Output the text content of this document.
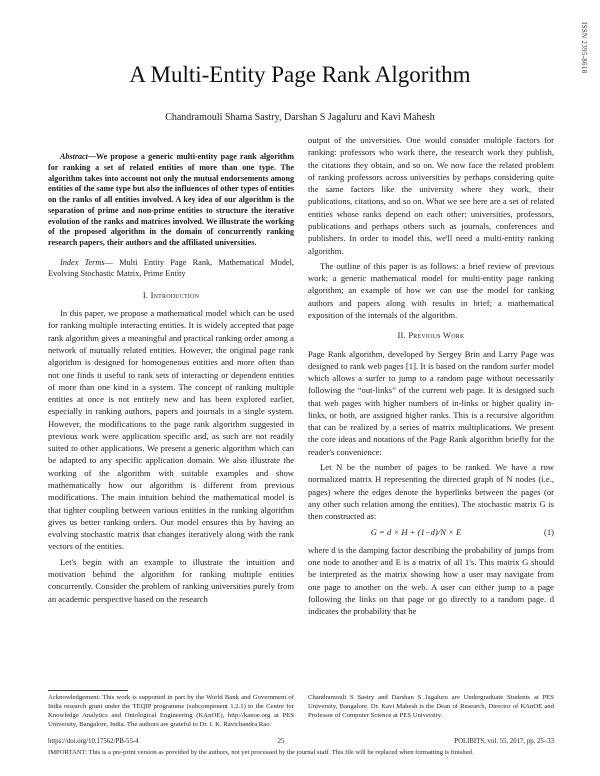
ISSN 2395-8618
A Multi-Entity Page Rank Algorithm
Chandramouli Shama Sastry, Darshan S Jagaluru and Kavi Mahesh
Abstract—We propose a generic multi-entity page rank algorithm for ranking a set of related entities of more than one type. The algorithm takes into account not only the mutual endorsements among entities of the same type but also the influences of other types of entities on the ranks of all entities involved. A key idea of our algorithm is the separation of prime and non-prime entities to structure the iterative evolution of the ranks and matrices involved. We illustrate the working of the proposed algorithm in the domain of concurrently ranking research papers, their authors and the affiliated universities.
Index Terms— Multi Entity Page Rank, Mathematical Model, Evolving Stochastic Matrix, Prime Entity
I. Introduction

In this paper, we propose a mathematical model which can be used for ranking multiple interacting entities. It is widely accepted that page rank algorithm gives a meaningful and practical ranking order among a network of mutually related entities. However, the original page rank algorithm is designed for homogeneous entities and more often than not one finds it useful to rank sets of interacting or dependent entities of more than one kind in a system. The concept of ranking multiple entities at once is not entirely new and has been explored earlier, especially in ranking authors, papers and journals in a single system. However, the modifications to the page rank algorithm suggested in previous work were application specific and, as such are not readily suited to other applications. We present a generic algorithm which can be adapted to any specific application domain. We also illustrate the working of the algorithm with suitable examples and show mathematically how our algorithm is different from previous modifications. The main intuition behind the mathematical model is that tighter coupling between various entities in the ranking algorithm gives us better ranking orders. Our model ensures this by having an evolving stochastic matrix that changes iteratively along with the rank vectors of the entities.

Let's begin with an example to illustrate the intuition and motivation behind the algorithm for ranking multiple entities concurrently. Consider the problem of ranking universities purely from an academic perspective based on the research

output of the universities. One would consider multiple factors for ranking: professors who work there, the research work they publish, the citations they obtain, and so on. We now face the related problem of ranking professors across universities by perhaps considering quite the same factors like the university where they work, their publications, citations, and so on. What we see here are a set of related entities whose ranks depend on each other: universities, professors, publications and perhaps others such as journals, conferences and publishers. In order to model this, we'll need a multi-entity ranking algorithm.

The outline of this paper is as follows: a brief review of previous work; a generic mathematical model for multi-entity page ranking algorithm; an example of how we can use the model for ranking authors and papers along with results in brief; a mathematical exposition of the internals of the algorithm.

II. Previous Work

Page Rank algorithm, developed by Sergey Brin and Larry Page was designed to rank web pages [1]. It is based on the random surfer model which allows a surfer to jump to a random page without necessarily following the “out-links” of the current web page. It is designed such that web pages with higher numbers of in-links or higher quality in-links, or both, are assigned higher ranks. This is a recursive algorithm that can be realized by a series of matrix multiplications. We present the core ideas and notations of the Page Rank algorithm briefly for the reader's convenience:

Let N be the number of pages to be ranked. We have a row normalized matrix H representing the directed graph of N nodes (i.e., pages) where the edges denote the hyperlinks between the pages (or any other such relation among the entities). The stochastic matrix G is then constructed as:

G = d × H + (1−d)/N × E	(1)

where d is the damping factor describing the probability of jumps from one node to another and E is a matrix of all 1's. This matrix G should be interpreted as the matrix showing how a user may navigate from one page to another on the web. A user can either jump to a page following the links on that page or go directly to a random page. d indicates the probability that he

Acknowledgement: This work is supported in part by the World Bank and Government of India research grant under the TEQIP programme (subcomponent 1.2.1) to the Centre for Knowledge Analytics and Ontological Engineering (KAnOE), http://kanoe.org at PES University, Bangalore, India. The authors are grateful to Dr. I. K. Ravichandra Rao.
Chandramouli S Sastry and Darshan S Jagaluru are Undergraduate Students at PES University, Bangalore. Dr. Kavi Mahesh is the Dean of Research, Director of KAnOE and Professor of Computer Science at PES University.
https://doi.org/10.17562/PB-55-4	25	POLIBITS, vol. 55, 2017, pp. 25–33
IMPORTANT: This is a pre-print version as provided by the authors, not yet processed by the journal staff. This file will be replaced when formatting is finished.
